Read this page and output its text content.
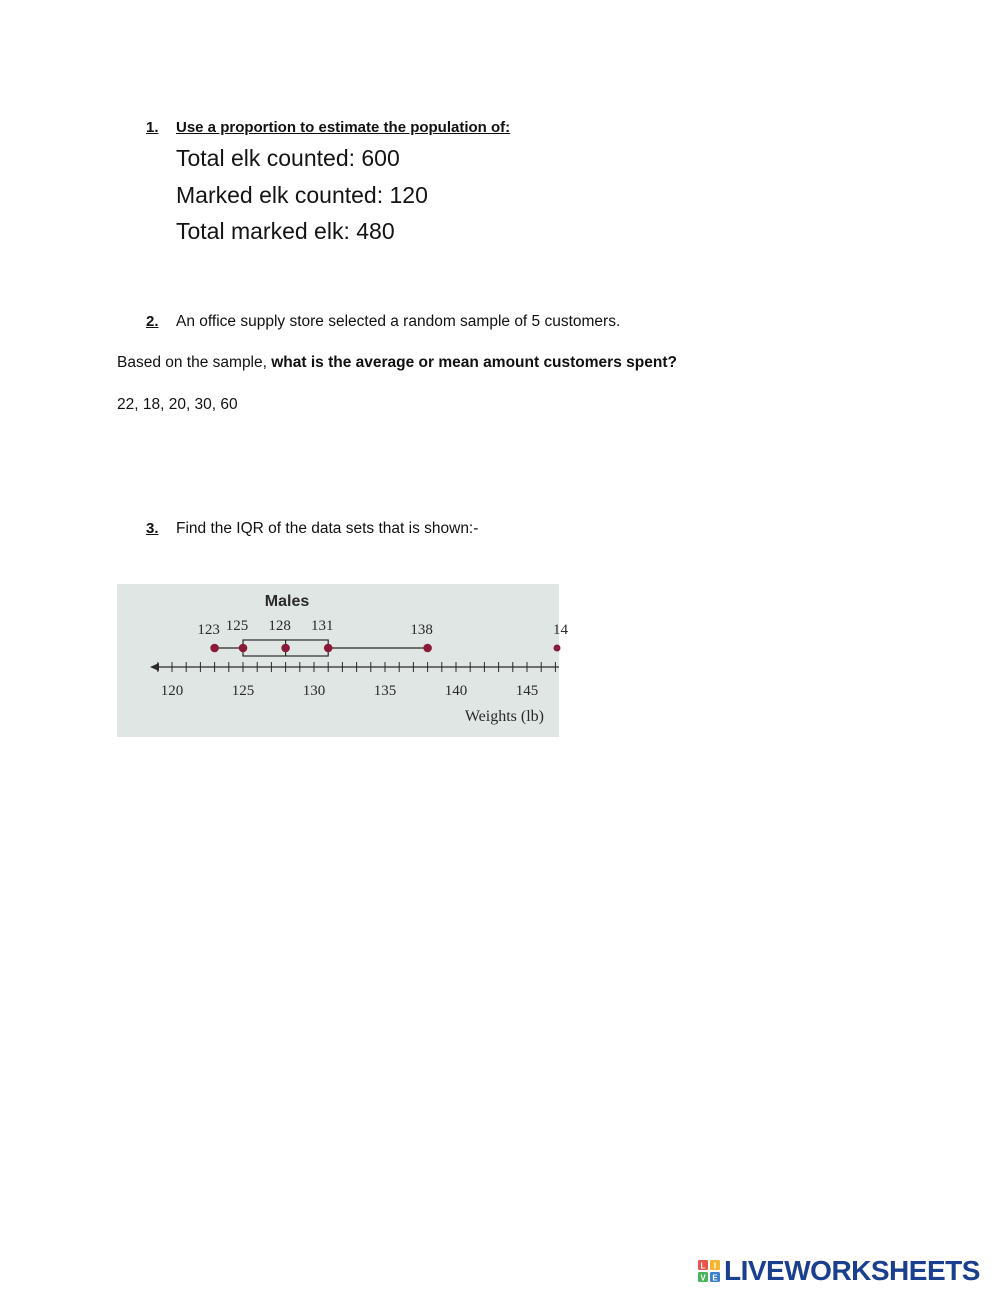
1. Use a proportion to estimate the population of:
Total elk counted: 600
Marked elk counted: 120
Total marked elk: 480
2. An office supply store selected a random sample of 5 customers.
Based on the sample, what is the average or mean amount customers spent?
22, 18, 20, 30, 60
3. Find the IQR of the data sets that is shown:-
120	125	130	135	140	145
Weights (lb)
Males
123 125 128 131	138	14
L I
V E LIVEWORKSHEETS
